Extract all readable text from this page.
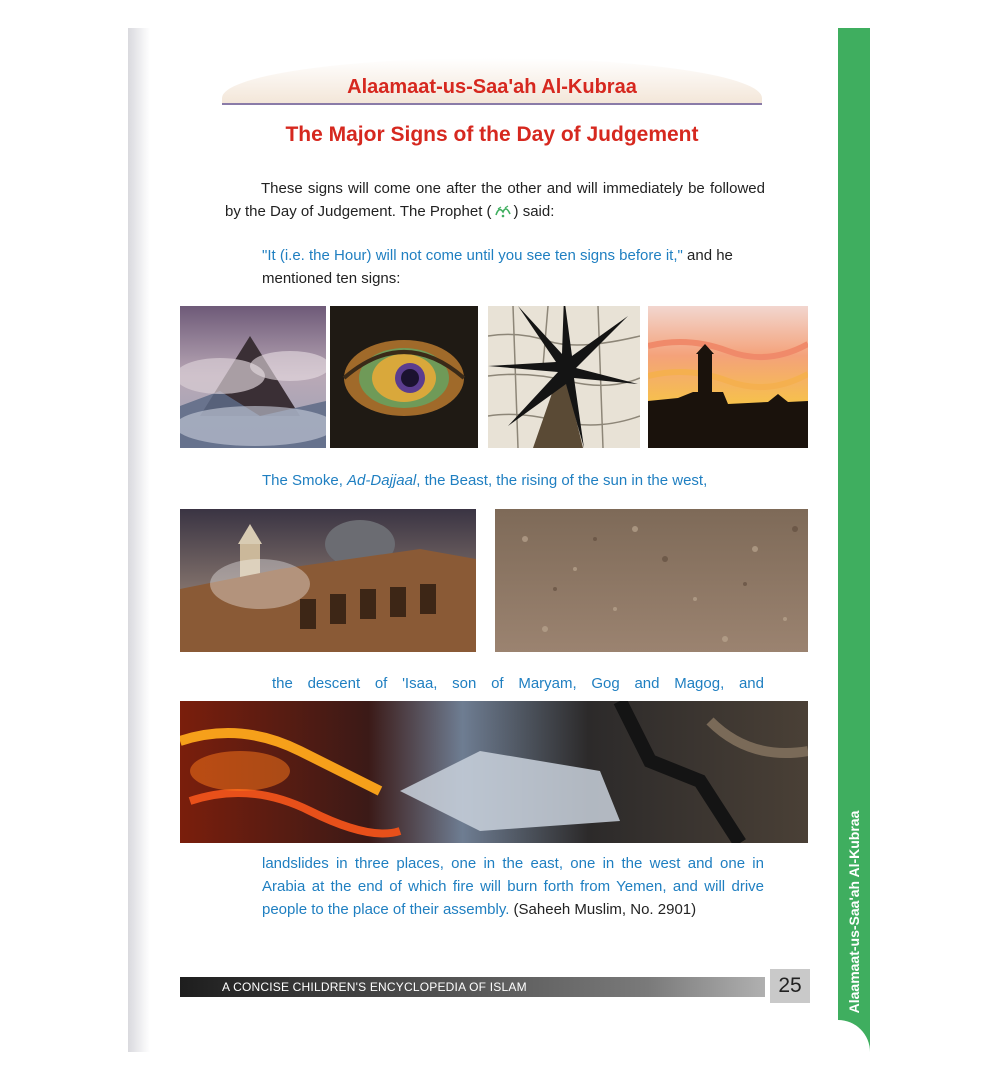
Alaamaat-us-Saa'ah Al-Kubraa
Alaamaat-us-Saa'ah Al-Kubraa
The Major Signs of the Day of Judgement
These signs will come one after the other and will immediately be followed by the Day of Judgement. The Prophet ( ) said:
"It (i.e. the Hour) will not come until you see ten signs before it," and he mentioned ten signs:
The Smoke, Ad-Dajjaal, the Beast, the rising of the sun in the west,
the descent of 'Isaa, son of Maryam, Gog and Magog, and
landslides in three places, one in the east, one in the west and one in Arabia at the end of which fire will burn forth from Yemen, and will drive people to the place of their assembly. (Saheeh Muslim, No. 2901)
A CONCISE CHILDREN'S ENCYCLOPEDIA OF ISLAM	25
